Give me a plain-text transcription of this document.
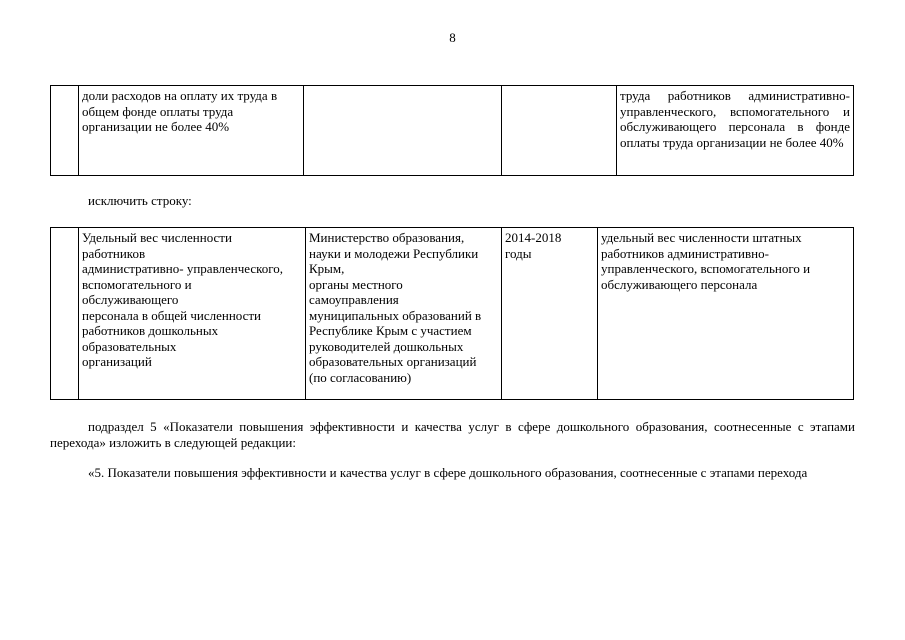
8
	доли расходов на оплату их труда в
общем фонде оплаты труда
организации не более 40%			труда работников административно-управленческого, вспомогательного и обслуживающего персонала в фонде оплаты труда организации не более 40%

исключить строку:

	Удельный вес численности
работников
административно- управленческого,
вспомогательного и
обслуживающего
персонала в общей численности
работников дошкольных
образовательных
организаций	Министерство образования,
науки и молодежи Республики
Крым,
органы местного
самоуправления
муниципальных образований в
Республике Крым с участием
руководителей дошкольных
образовательных организаций
(по согласованию)	2014-2018
годы	удельный вес численности штатных
работников административно-
управленческого, вспомогательного и
обслуживающего персонала

подраздел 5 «Показатели повышения эффективности и качества услуг в сфере дошкольного образования, соотнесенные с этапами перехода» изложить в следующей редакции:

«5. Показатели повышения эффективности и качества услуг в сфере дошкольного образования, соотнесенные с этапами перехода
